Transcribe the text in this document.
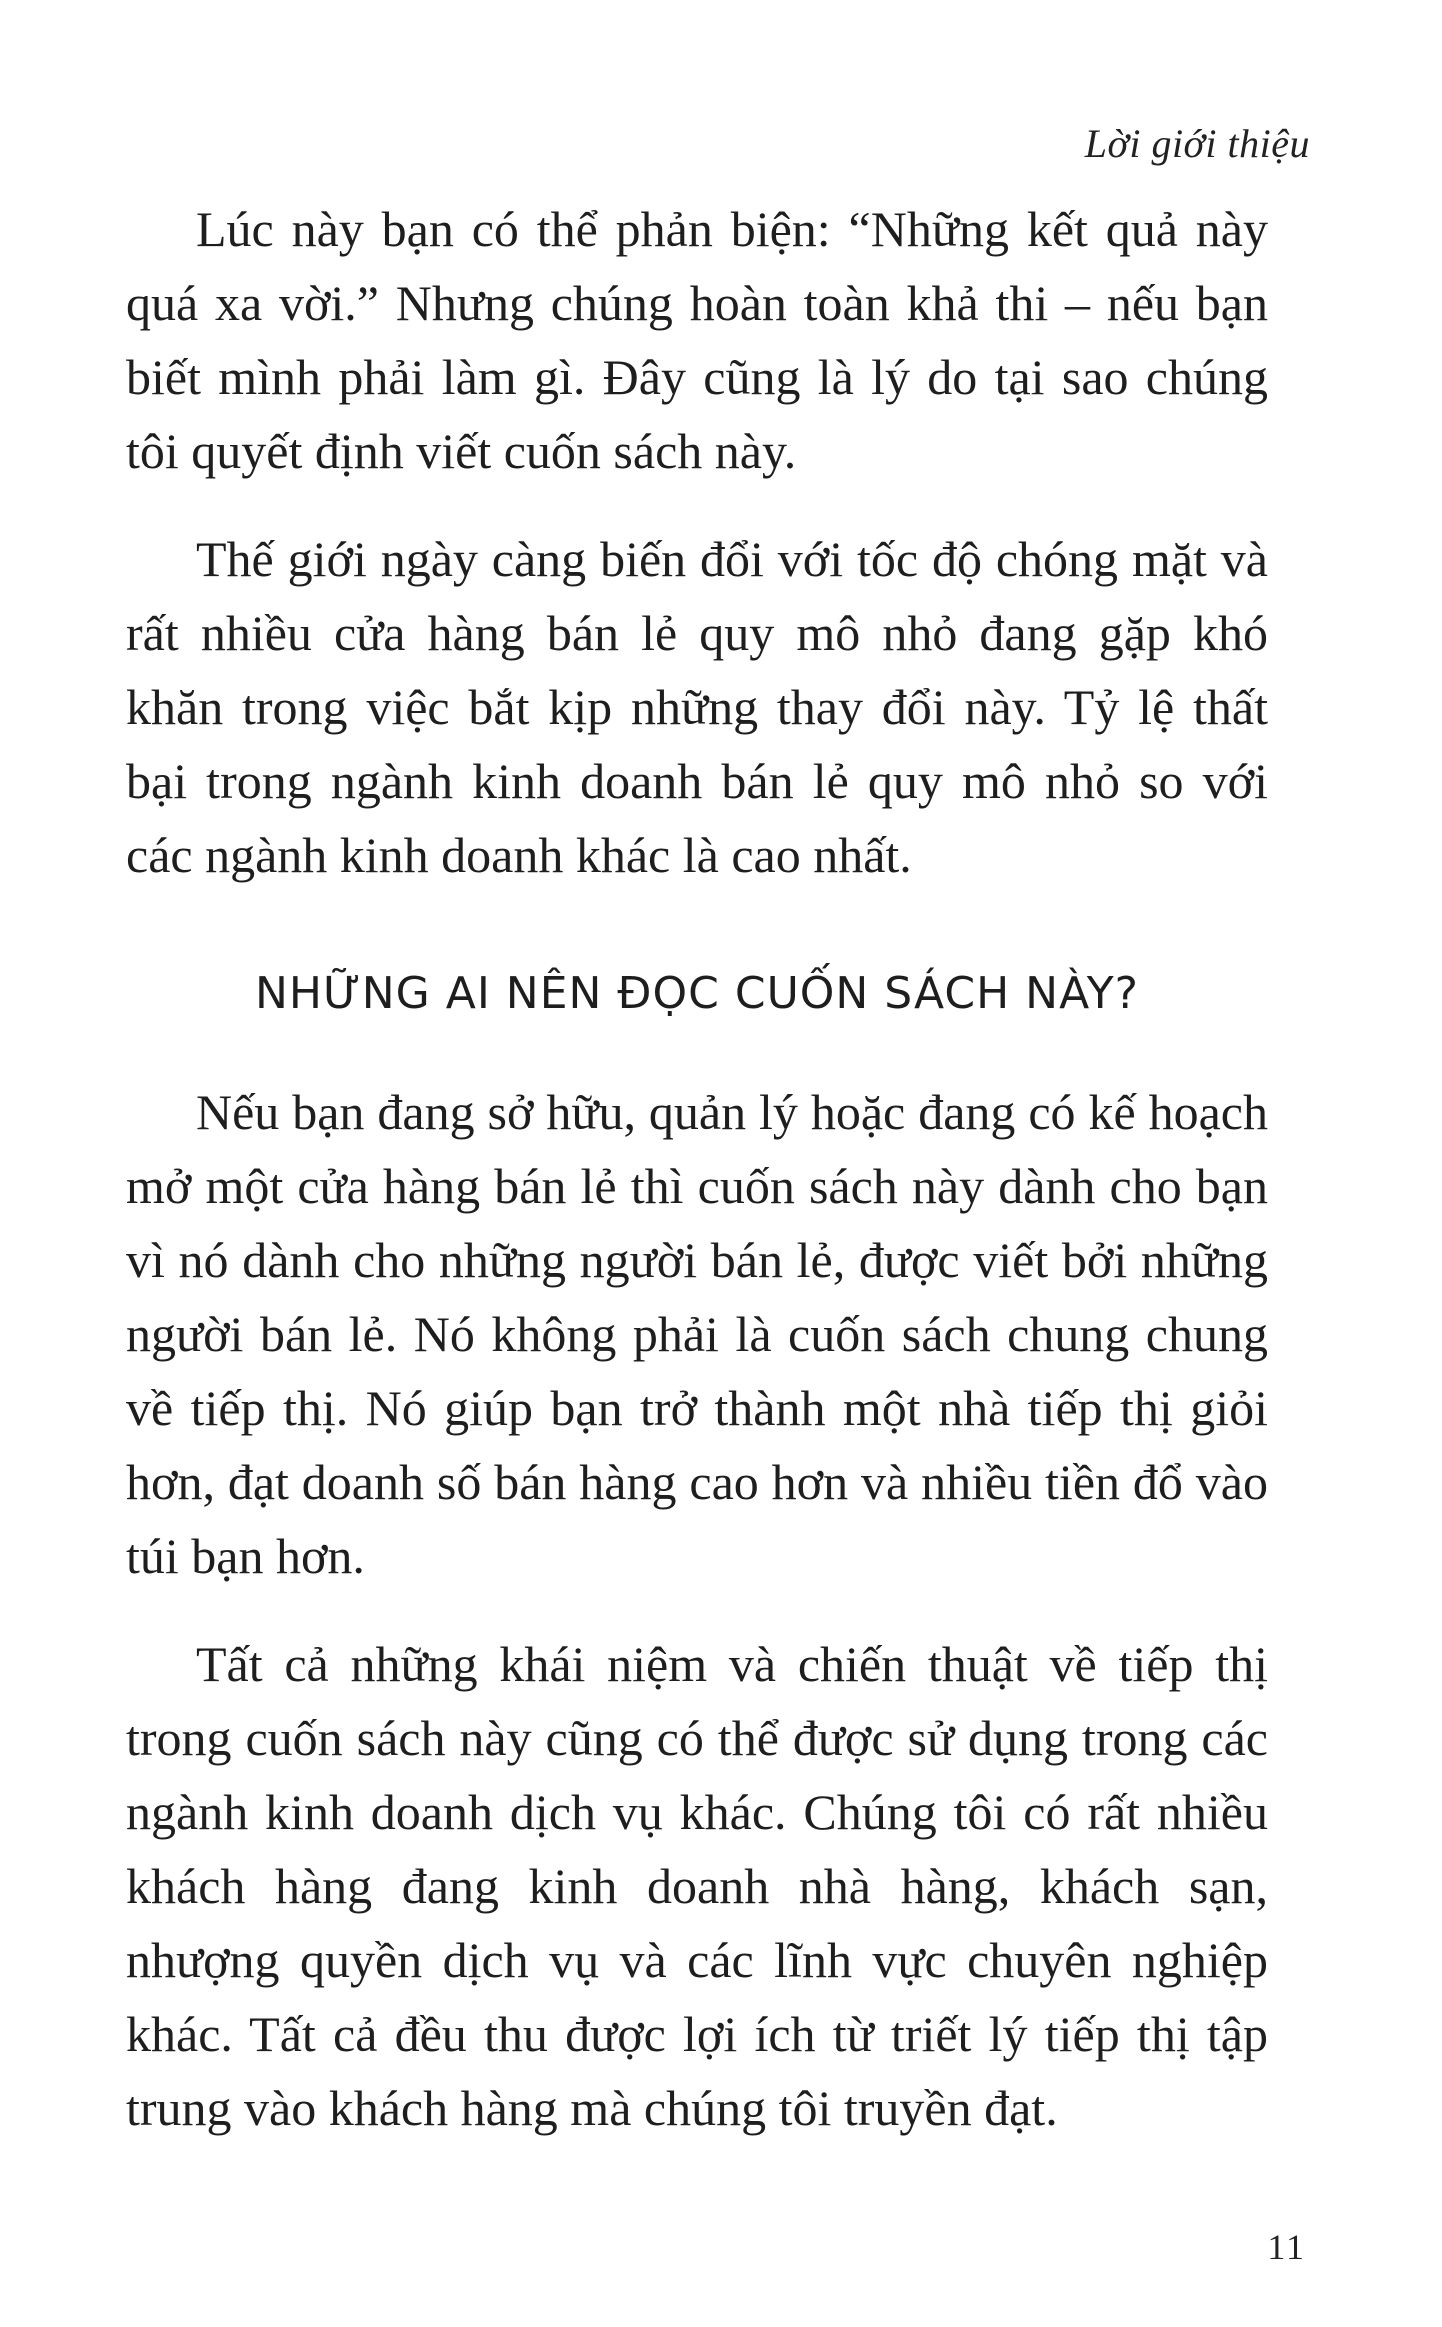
Lời giới thiệu

Lúc này bạn có thể phản biện: “Những kết quả này quá xa vời.” Nhưng chúng hoàn toàn khả thi – nếu bạn biết mình phải làm gì. Đây cũng là lý do tại sao chúng tôi quyết định viết cuốn sách này.

Thế giới ngày càng biến đổi với tốc độ chóng mặt và rất nhiều cửa hàng bán lẻ quy mô nhỏ đang gặp khó khăn trong việc bắt kịp những thay đổi này. Tỷ lệ thất bại trong ngành kinh doanh bán lẻ quy mô nhỏ so với các ngành kinh doanh khác là cao nhất.

NHỮNG AI NÊN ĐỌC CUỐN SÁCH NÀY?

Nếu bạn đang sở hữu, quản lý hoặc đang có kế hoạch mở một cửa hàng bán lẻ thì cuốn sách này dành cho bạn vì nó dành cho những người bán lẻ, được viết bởi những người bán lẻ. Nó không phải là cuốn sách chung chung về tiếp thị. Nó giúp bạn trở thành một nhà tiếp thị giỏi hơn, đạt doanh số bán hàng cao hơn và nhiều tiền đổ vào túi bạn hơn.

Tất cả những khái niệm và chiến thuật về tiếp thị trong cuốn sách này cũng có thể được sử dụng trong các ngành kinh doanh dịch vụ khác. Chúng tôi có rất nhiều khách hàng đang kinh doanh nhà hàng, khách sạn, nhượng quyền dịch vụ và các lĩnh vực chuyên nghiệp khác. Tất cả đều thu được lợi ích từ triết lý tiếp thị tập trung vào khách hàng mà chúng tôi truyền đạt.

11
